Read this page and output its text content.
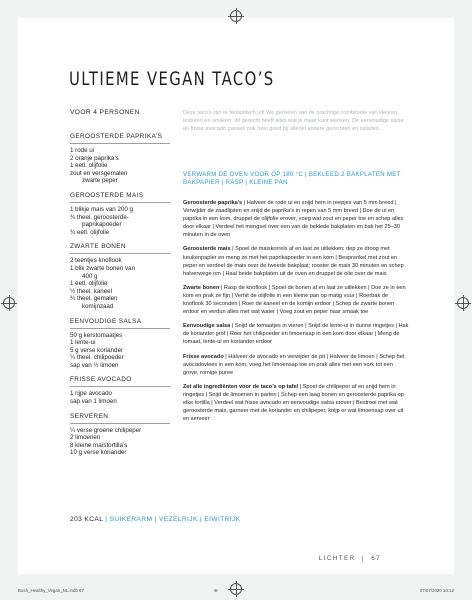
ULTIEME VEGAN TACO’S
VOOR 4 PERSONEN
GEROOSTERDE PAPRIKA’S
1 rode ui
2 oranje paprika’s
1 eetl. olijfolie
zout en versgemalen
zwarte peper
GEROOSTERDE MAIS
1 blikje mais van 200 g
¾ theel. geroosterde-
paprikapoeder
¾ eetl. olijfolie
ZWARTE BONEN
2 teentjes knoflook
1 blik zwarte bonen van
400 g
1 eetl. olijfolie
½ theel. kaneel
¾ theel. gemalen
komijnzaad
EENVOUDIGE SALSA
50 g kerstomaatjes
1 lente-ui
5 g verse koriander
¼ theel. chilipoeder
sap van ½ limoen
FRISSE AVOCADO
1 rijpe avocado
sap van 1 limoen
SERVEREN
¼ verse groene chilipeper
2 limoenen
8 kleine maïstortilla’s
10 g verse koriander
Deze taco’s zijn er fantastisch uit! We genieten van de prachtige combinatie van kleuren, texturen en smaken: dit gerecht heeft alles wat je maar kunt wensen. De eenvoudige salsa en frisse avocado passen ook heel goed bij allerlei andere gerechten en salades.
VERWARM DE OVEN VOOR OP 180 °C | BEKLEED 2 BAKPLATEN MET BAKPAPIER | RASP | KLEINE PAN
Geroosterde paprika’s | Halveer de rode ui en snijd hem in reepjes van 5 mm breed | Verwijder de zaadlijsten en snijd de paprika’s in repen van 5 mm breed | Doe de ui en paprika in een kom, druppel de olijfolie erover, voeg wat zout en peper toe en schep alles door elkaar | Verdeel het mengsel over een van de beklede bakplaten en bak het 25–30 minuten in de oven
Geroosterde mais | Spoel de maiskorrels af en laat ze uitlekken; dep ze droog met keukenpapier en meng ze met het paprikapoeder in een kom | Besprenkel met zout en peper en verdeel de mais over de tweede bakplaat; rooster de mais 30 minuten en schep halverwege om | Haal beide bakplaten uit de oven en druppel de olie over de mais
Zwarte bonen | Rasp de knoflook | Spoel de bonen af en laat ze uitlekken | Doe ze in een kom en prak ze fijn | Verhit de olijfolie in een kleine pan op matig vuur | Roerbak de knoflook 30 seconden | Roer de kaneel en de komijn erdoor | Schep de zwarte bonen erdoor en verdun alles met wat water | Voeg zout en peper naar smaak toe
Eenvoudige salsa | Snijd de tomaatjes in vieren | Snijd de lente-ui in dunne ringetjes | Hak de koriander grof | Roer het chilipoeder en limoensap in een kom door elkaar | Meng de tomaat, lente-ui en koriander erdoor
Frisse avocado | Halveer de avocado en verwijder de pit | Halveer de limoen | Schep het avocadovlees in een kom, voeg het limoensap toe en prak alles met een vork tot een grove, romige puree
Zet alle ingrediënten voor de taco’s op tafel | Spoel de chilipeper af en snijd hem in ringetjes | Snijd de limoenen in parten | Schep een laag bonen en geroosterde paprika op elke tortilla | Verdeel wat frisse avocado en eenvoudige salsa erover | Bestrooi met wat geroosterde mais, garneer met de koriander en chilipeper, knijp er wat limoensap over uit en serveer
203 KCAL | SUIKERARM | VEZELRIJK | EIWITRIJK
LICHTER  |  67
Bosh_Healthy_Vegan_NL.indb 67	⊕	07/07/2020 10:12
